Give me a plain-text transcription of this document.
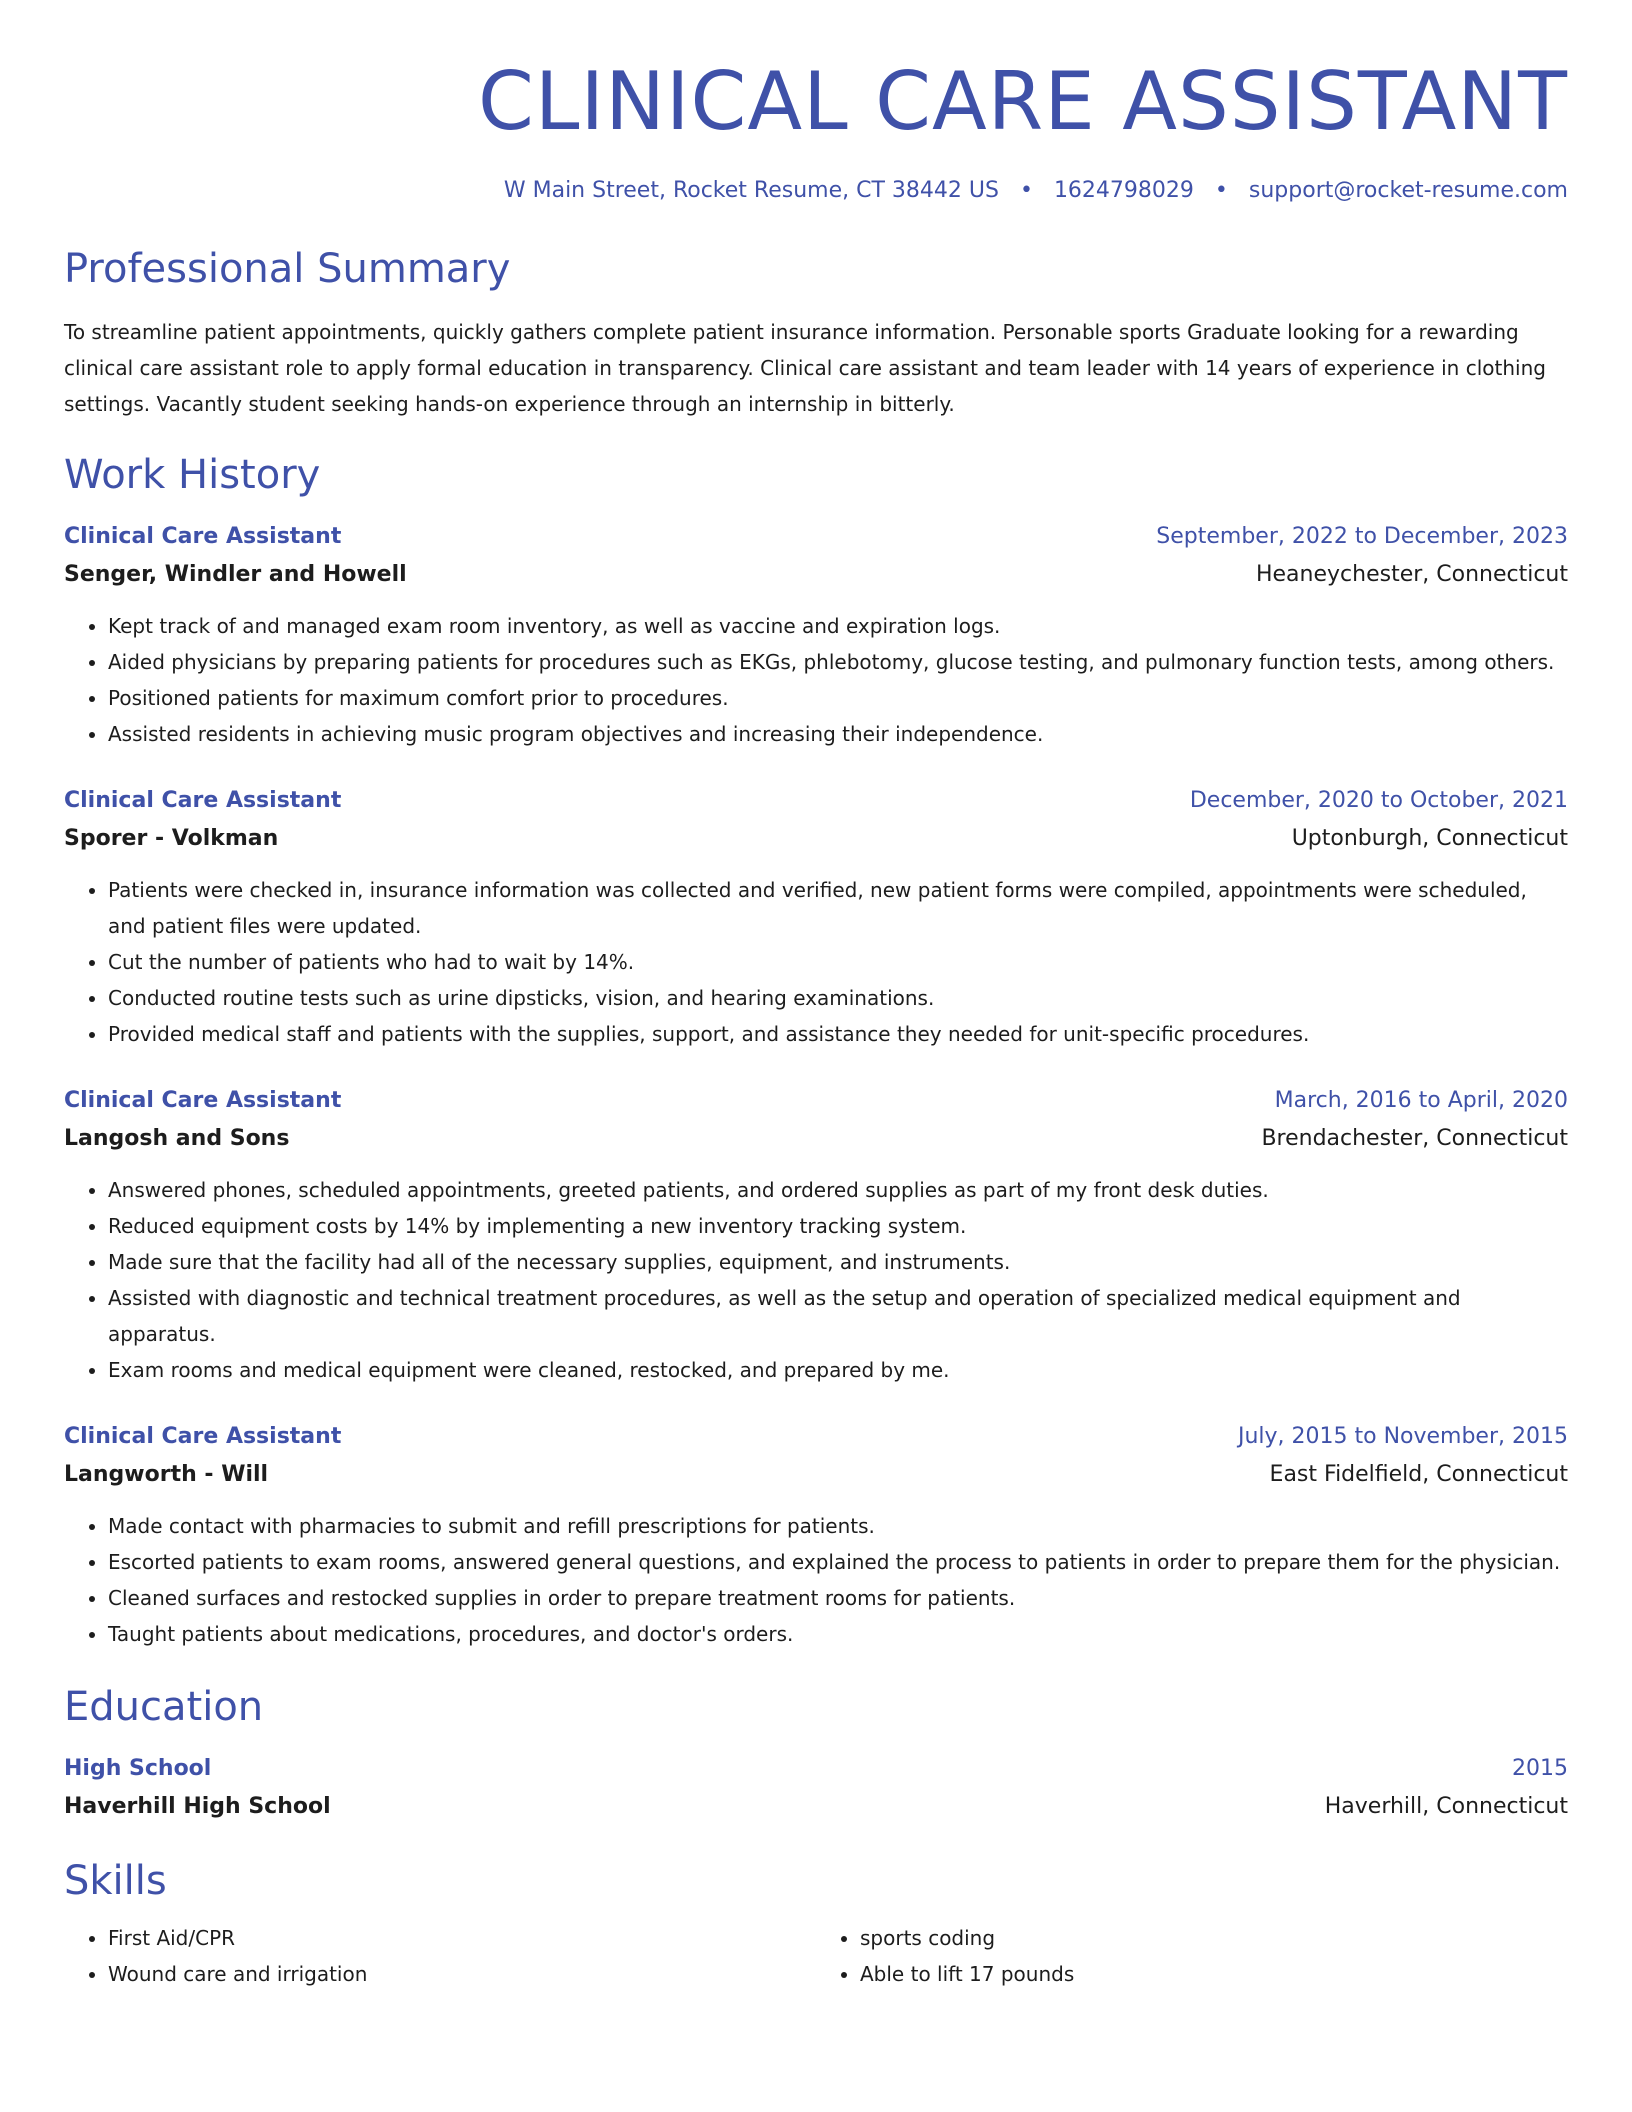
CLINICAL CARE ASSISTANT
W Main Street, Rocket Resume, CT 38442 US • 1624798029 • support@rocket-resume.com
Professional Summary
To streamline patient appointments, quickly gathers complete patient insurance information. Personable sports Graduate looking for a rewarding clinical care assistant role to apply formal education in transparency. Clinical care assistant and team leader with 14 years of experience in clothing settings. Vacantly student seeking hands-on experience through an internship in bitterly.
Work History
Clinical Care Assistant	September, 2022 to December, 2023
Senger, Windler and Howell	Heaneychester, Connecticut
• Kept track of and managed exam room inventory, as well as vaccine and expiration logs.
• Aided physicians by preparing patients for procedures such as EKGs, phlebotomy, glucose testing, and pulmonary function tests, among others.
• Positioned patients for maximum comfort prior to procedures.
• Assisted residents in achieving music program objectives and increasing their independence.
Clinical Care Assistant	December, 2020 to October, 2021
Sporer - Volkman	Uptonburgh, Connecticut
• Patients were checked in, insurance information was collected and verified, new patient forms were compiled, appointments were scheduled, and patient files were updated.
• Cut the number of patients who had to wait by 14%.
• Conducted routine tests such as urine dipsticks, vision, and hearing examinations.
• Provided medical staff and patients with the supplies, support, and assistance they needed for unit-specific procedures.
Clinical Care Assistant	March, 2016 to April, 2020
Langosh and Sons	Brendachester, Connecticut
• Answered phones, scheduled appointments, greeted patients, and ordered supplies as part of my front desk duties.
• Reduced equipment costs by 14% by implementing a new inventory tracking system.
• Made sure that the facility had all of the necessary supplies, equipment, and instruments.
• Assisted with diagnostic and technical treatment procedures, as well as the setup and operation of specialized medical equipment and apparatus.
• Exam rooms and medical equipment were cleaned, restocked, and prepared by me.
Clinical Care Assistant	July, 2015 to November, 2015
Langworth - Will	East Fidelfield, Connecticut
• Made contact with pharmacies to submit and refill prescriptions for patients.
• Escorted patients to exam rooms, answered general questions, and explained the process to patients in order to prepare them for the physician.
• Cleaned surfaces and restocked supplies in order to prepare treatment rooms for patients.
• Taught patients about medications, procedures, and doctor's orders.
Education
High School	2015
Haverhill High School	Haverhill, Connecticut
Skills
• First Aid/CPR
• Wound care and irrigation
• sports coding
• Able to lift 17 pounds
